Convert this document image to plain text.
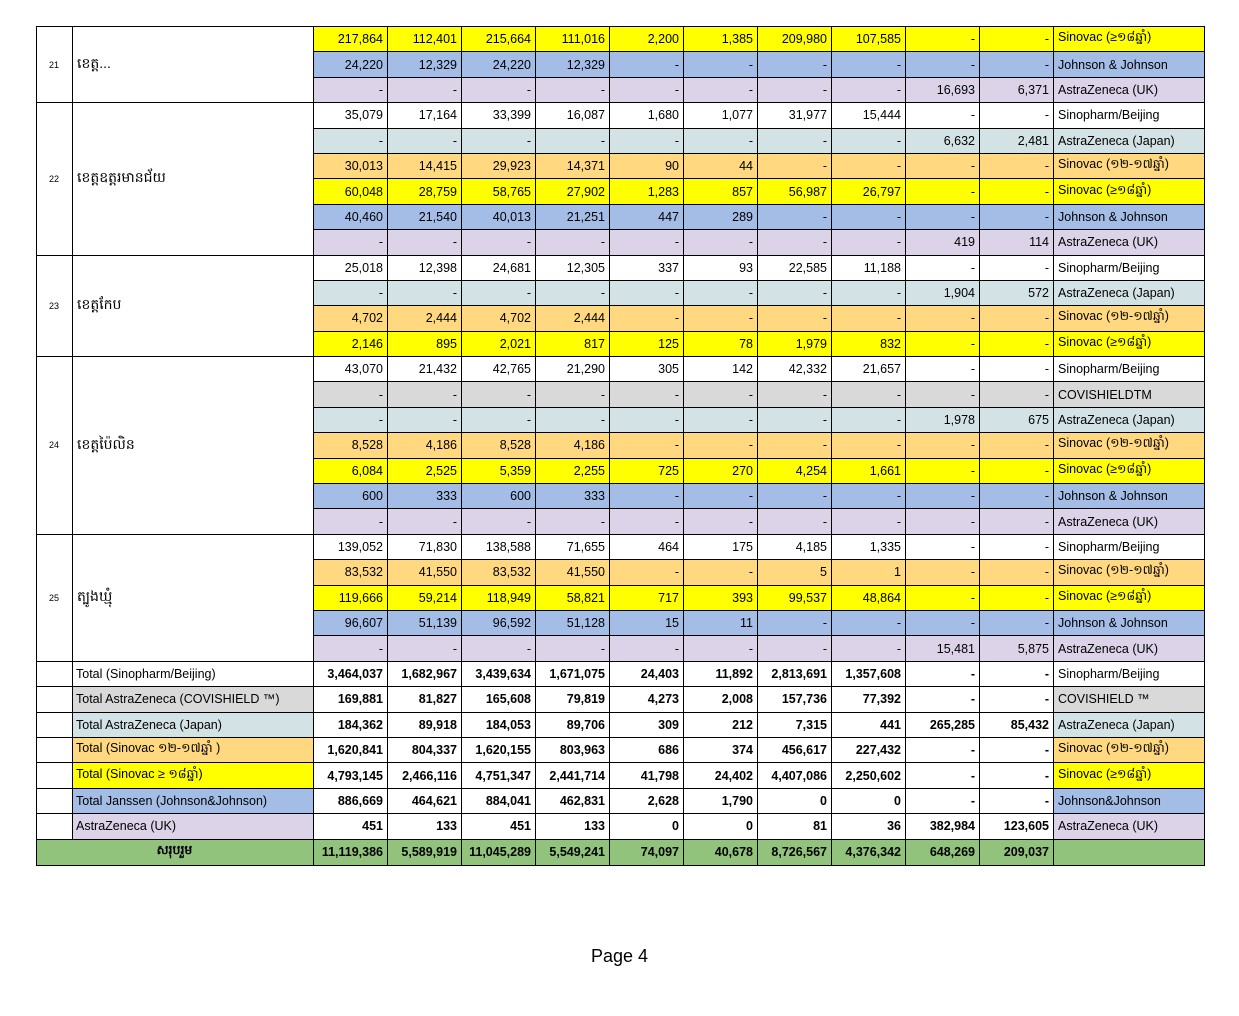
21	ខេត្ត...	217,864	112,401	215,664	111,016	2,200	1,385	209,980	107,585	-	-	Sinovac (≥១៨ឆ្នាំ)
		24,220	12,329	24,220	12,329	-	-	-	-	-	-	Johnson & Johnson
		-	-	-	-	-	-	-	-	16,693	6,371	AstraZeneca (UK)
22	ខេត្តឧត្តរមានជ័យ	35,079	17,164	33,399	16,087	1,680	1,077	31,977	15,444	-	-	Sinopharm/Beijing
		-	-	-	-	-	-	-	-	6,632	2,481	AstraZeneca (Japan)
		30,013	14,415	29,923	14,371	90	44	-	-	-	-	Sinovac (១២-១៧ឆ្នាំ)
		60,048	28,759	58,765	27,902	1,283	857	56,987	26,797	-	-	Sinovac (≥១៨ឆ្នាំ)
		40,460	21,540	40,013	21,251	447	289	-	-	-	-	Johnson & Johnson
		-	-	-	-	-	-	-	-	419	114	AstraZeneca (UK)
23	ខេត្តកែប	25,018	12,398	24,681	12,305	337	93	22,585	11,188	-	-	Sinopharm/Beijing
		-	-	-	-	-	-	-	-	1,904	572	AstraZeneca (Japan)
		4,702	2,444	4,702	2,444	-	-	-	-	-	-	Sinovac (១២-១៧ឆ្នាំ)
		2,146	895	2,021	817	125	78	1,979	832	-	-	Sinovac (≥១៨ឆ្នាំ)
24	ខេត្តប៉ៃលិន	43,070	21,432	42,765	21,290	305	142	42,332	21,657	-	-	Sinopharm/Beijing
		-	-	-	-	-	-	-	-	-	-	COVISHIELDTM
		-	-	-	-	-	-	-	-	1,978	675	AstraZeneca (Japan)
		8,528	4,186	8,528	4,186	-	-	-	-	-	-	Sinovac (១២-១៧ឆ្នាំ)
		6,084	2,525	5,359	2,255	725	270	4,254	1,661	-	-	Sinovac (≥១៨ឆ្នាំ)
		600	333	600	333	-	-	-	-	-	-	Johnson & Johnson
		-	-	-	-	-	-	-	-	-	-	AstraZeneca (UK)
25	ត្បូងឃ្មុំ	139,052	71,830	138,588	71,655	464	175	4,185	1,335	-	-	Sinopharm/Beijing
		83,532	41,550	83,532	41,550	-	-	5	1	-	-	Sinovac (១២-១៧ឆ្នាំ)
		119,666	59,214	118,949	58,821	717	393	99,537	48,864	-	-	Sinovac (≥១៨ឆ្នាំ)
		96,607	51,139	96,592	51,128	15	11	-	-	-	-	Johnson & Johnson
		-	-	-	-	-	-	-	-	15,481	5,875	AstraZeneca (UK)
	Total (Sinopharm/Beijing)	3,464,037	1,682,967	3,439,634	1,671,075	24,403	11,892	2,813,691	1,357,608	-	-	Sinopharm/Beijing
	Total AstraZeneca (COVISHIELD ™)	169,881	81,827	165,608	79,819	4,273	2,008	157,736	77,392	-	-	COVISHIELD ™
	Total AstraZeneca (Japan)	184,362	89,918	184,053	89,706	309	212	7,315	441	265,285	85,432	AstraZeneca (Japan)
	Total (Sinovac ១២-១៧ឆ្នាំ )	1,620,841	804,337	1,620,155	803,963	686	374	456,617	227,432	-	-	Sinovac (១២-១៧ឆ្នាំ)
	Total (Sinovac ≥ ១៨ឆ្នាំ)	4,793,145	2,466,116	4,751,347	2,441,714	41,798	24,402	4,407,086	2,250,602	-	-	Sinovac (≥១៨ឆ្នាំ)
	Total Janssen (Johnson&Johnson)	886,669	464,621	884,041	462,831	2,628	1,790	0	0	-	-	Johnson&Johnson
	AstraZeneca (UK)	451	133	451	133	0	0	81	36	382,984	123,605	AstraZeneca (UK)
សរុបរួម		11,119,386	5,589,919	11,045,289	5,549,241	74,097	40,678	8,726,567	4,376,342	648,269	209,037	
Page 4
